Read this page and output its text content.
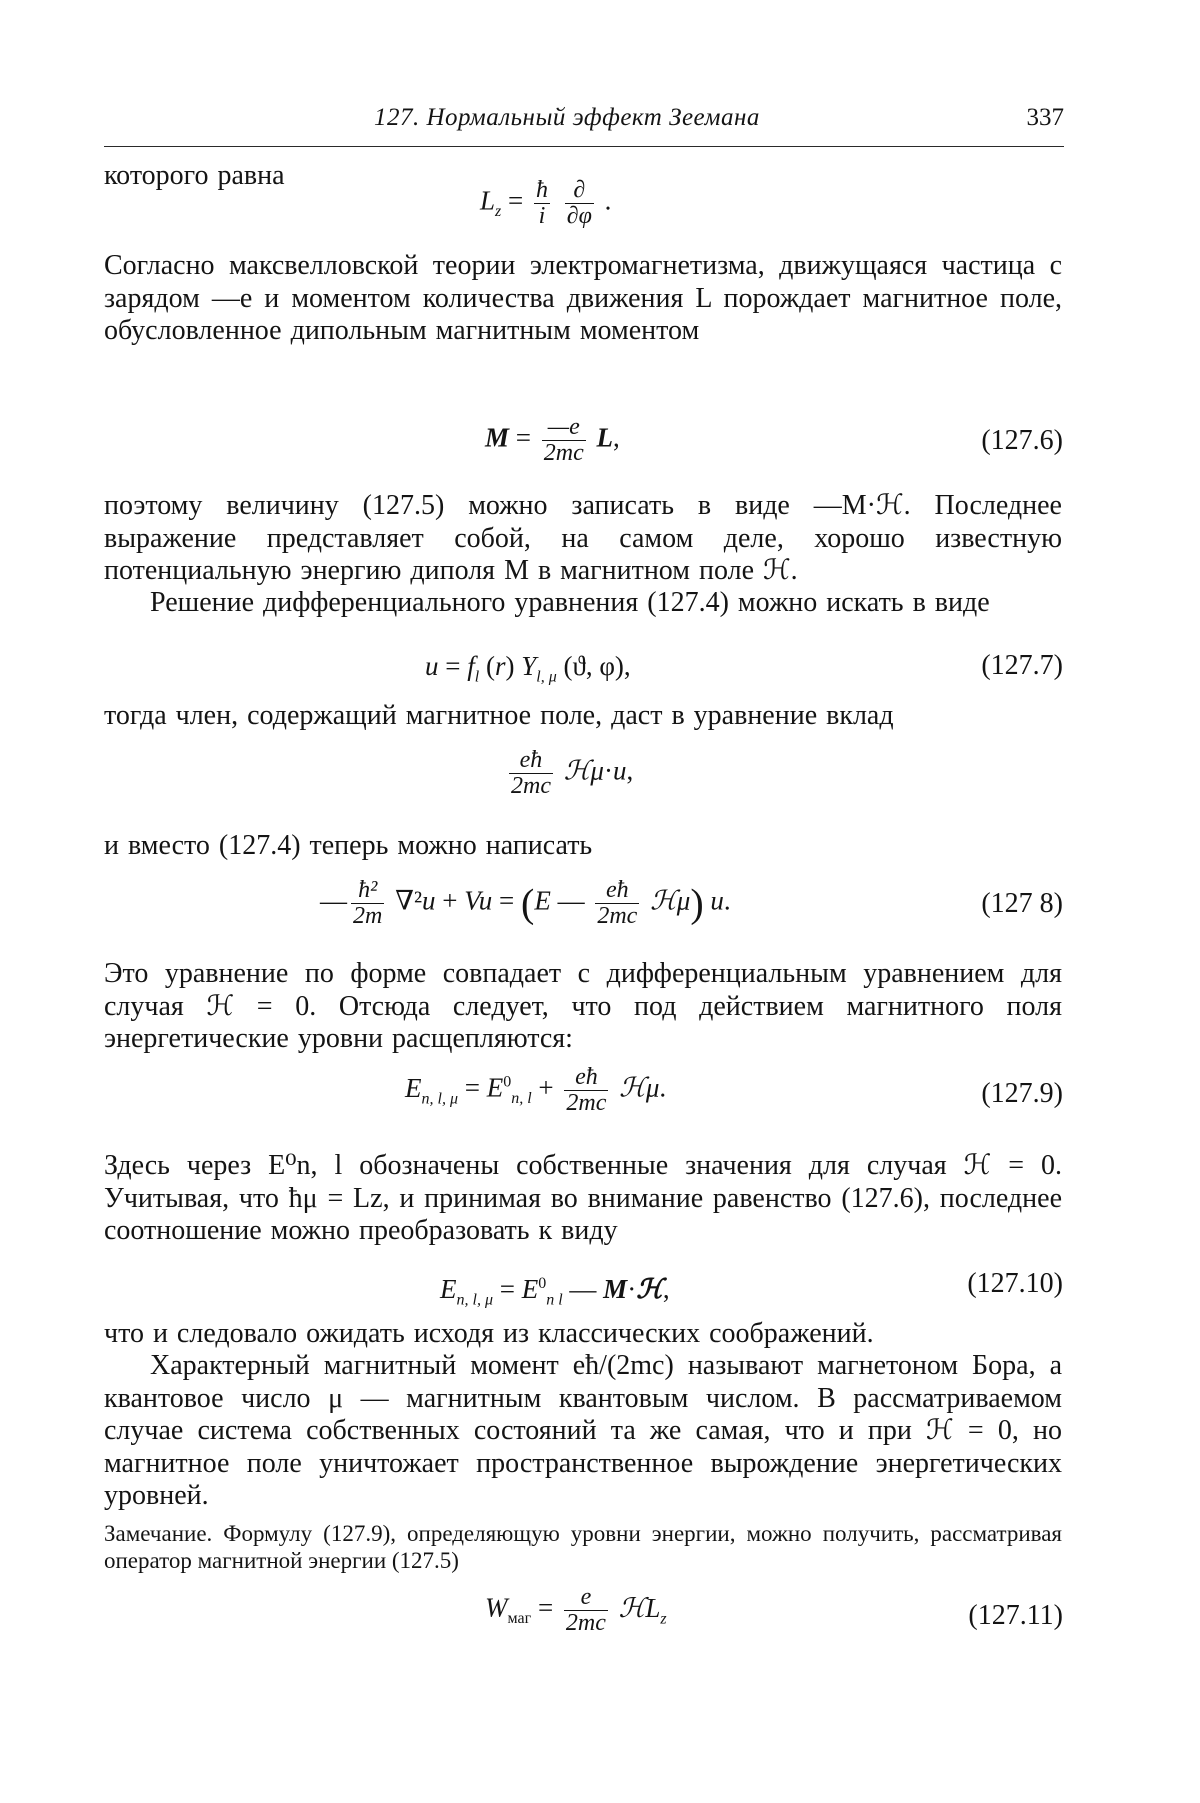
127. Нормальный эффект Зеемана	337
которого равна
$L_z = \frac{ħ}{i}$
$\frac{\partial}{\partial\varphi}$ .
Согласно максвелловской теории электромагнетизма, движущаяся частица с зарядом —e и моментом количества движения L порождает магнитное поле, обусловленное дипольным магнитным моментом
$M = \frac{—e}{2mc} L$,	(127.6)
поэтому величину (127.5) можно записать в виде —M·ℋ. Последнее выражение представляет собой, на самом деле, хорошо известную потенциальную энергию диполя M в магнитном поле ℋ.
Решение дифференциального уравнения (127.4) можно искать в виде
$u = f_l$ (r) $Y_{l, \mu}$ (ϑ, φ),	(127.7)
тогда член, содержащий магнитное поле, даст в уравнение вклад
$\frac{eħ}{2mc}$ ℋμ·u,
и вместо (127.4) теперь можно написать
— $\frac{\text{ħ²}}{2m} \nabla^2u + Vu = (E$ — $\frac{eħ}{2mc}$ ℋμ) u.	(127 8)
Это уравнение по форме совпадает с дифференциальным уравнением для случая ℋ = 0. Отсюда следует, что под действием магнитного поля энергетические уровни расщепляются:
$E_{n, l, \mu} = E^0_{n, l} + \frac{eħ}{2mc}$ ℋμ.	(127.9)
Здесь через E⁰n, l обозначены собственные значения для случая ℋ = 0. Учитывая, что ħμ = Lz, и принимая во внимание равенство (127.6), последнее соотношение можно преобразовать к виду
$E_{n, l, \mu} = E^0_{n l}$ — M·ℋ,	(127.10)
что и следовало ожидать исходя из классических соображений.
Характерный магнитный момент eħ/(2mc) называют магнетоном Бора, а квантовое число μ — магнитным квантовым числом. В рассматриваемом случае система собственных состояний та же самая, что и при ℋ = 0, но магнитное поле уничтожает пространственное вырождение энергетических уровней.
Замечание. Формулу (127.9), определяющую уровни энергии, можно получить, рассматривая оператор магнитной энергии (127.5)
$W_{маг} = \frac{e}{2mc}$ ℋL$_z$	(127.11)
